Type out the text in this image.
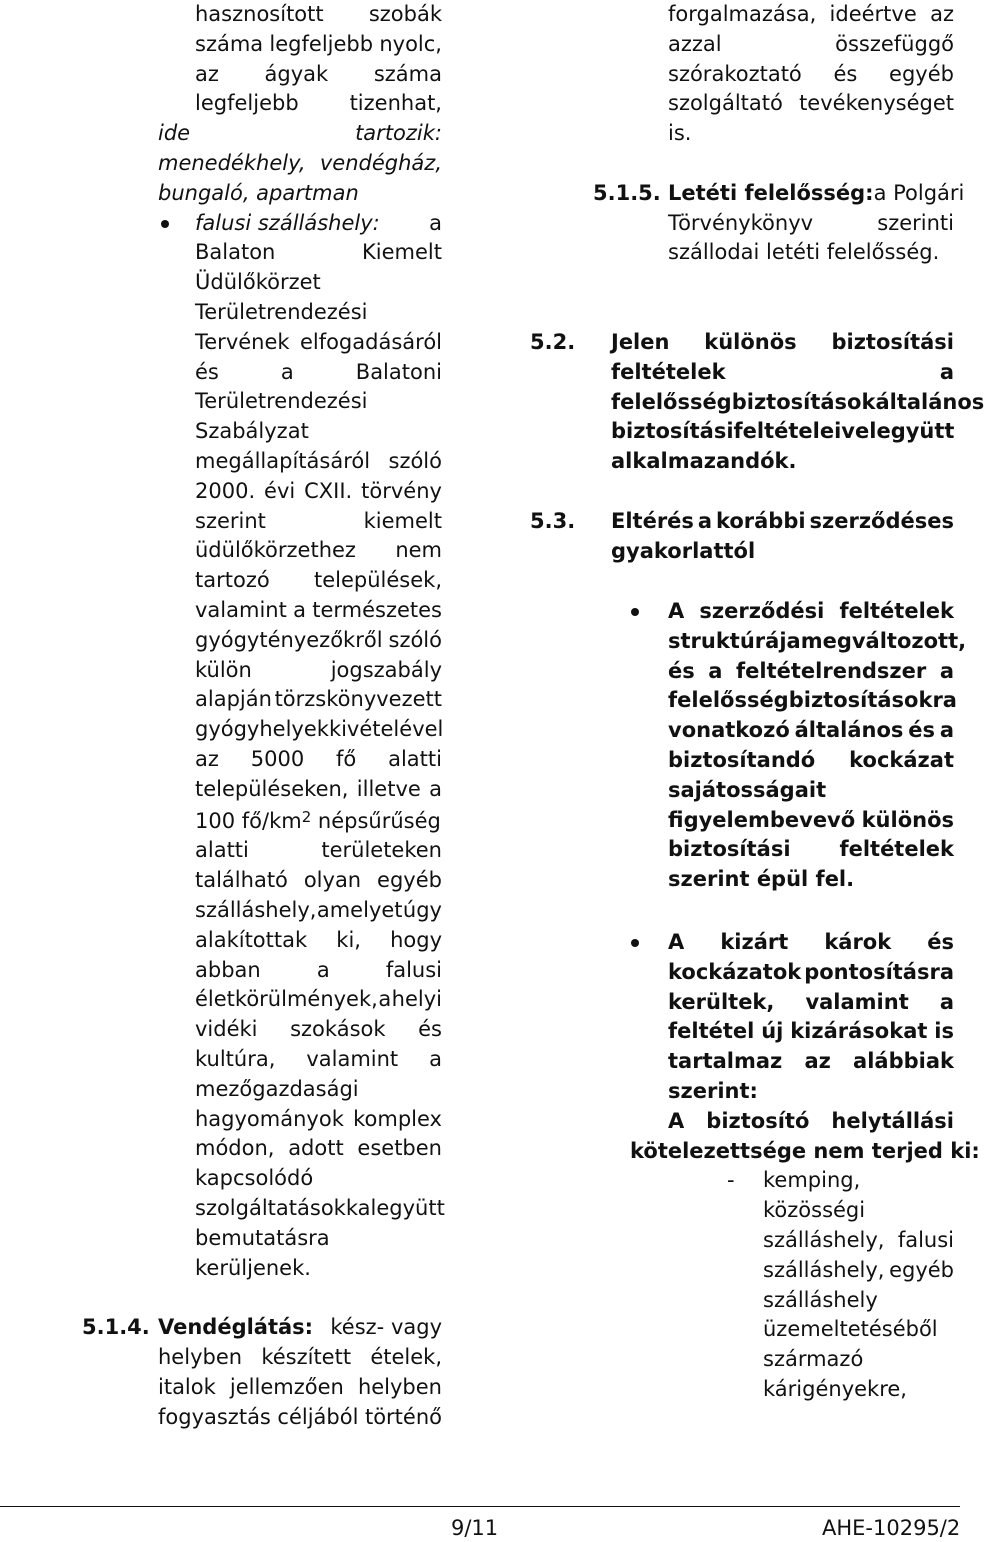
hasznosított szobák
száma legfeljebb nyolc,
az ágyak száma
legfeljebb tizenhat,
ide	tartozik:
menedékhely, vendégház,
bungaló, apartman
falusi szálláshely: a
Balaton	Kiemelt
Üdülőkörzet
Területrendezési
Tervének elfogadásáról
és	a	Balatoni
Területrendezési
Szabályzat
megállapításáról szóló
2000. évi CXII. törvény
szerint	kiemelt
üdülőkörzethez nem
tartozó települések,
valamint a természetes
gyógytényezőkről szóló
külön	jogszabály
alapján törzskönyvezett
gyógyhelyek kivételével
az 5000 fő alatti
településeken, illetve a
100 $fő/km^2$ népsűrűség
alatti	területeken
található olyan egyéb
szálláshely, amelyet úgy
alakítottak ki, hogy
abban	a	falusi
életkörülmények, a helyi
vidéki szokások és
kultúra, valamint a
mezőgazdasági
hagyományok komplex
módon, adott esetben
kapcsolódó
szolgáltatásokkal együtt
bemutatásra
kerüljenek.
5.1.4. Vendéglátás: kész- vagy
helyben készített ételek,
italok jellemzően helyben
fogyasztás céljából történő
forgalmazása, ideértve az
azzal	összefüggő
szórakoztató és egyéb
szolgáltató tevékenységet
is.
5.1.5. Letéti felelősség: a Polgári
Törvénykönyv	szerinti
szállodai letéti felelősség.
5.2. Jelen különös biztosítási
feltételek	a
felelősségbiztosítások általános
biztosítási feltételeivel együtt
alkalmazandók.
5.3. Eltérés a korábbi szerződéses
gyakorlattól
A szerződési feltételek
struktúrája megváltozott,
és a feltételrendszer a
felelősségbiztosításokra
vonatkozó általános és a
biztosítandó kockázat
sajátosságait
figyelembevevő különös
biztosítási feltételek
szerint épül fel.
A kizárt károk és
kockázatok pontosításra
kerültek, valamint a
feltétel új kizárásokat is
tartalmaz az alábbiak
szerint:
A biztosító helytállási
kötelezettsége nem terjed ki:
- kemping,
közösségi
szálláshely, falusi
szálláshely, egyéb
szálláshely
üzemeltetéséből
származó
kárigényekre,
9/11	AHE-10295/2
